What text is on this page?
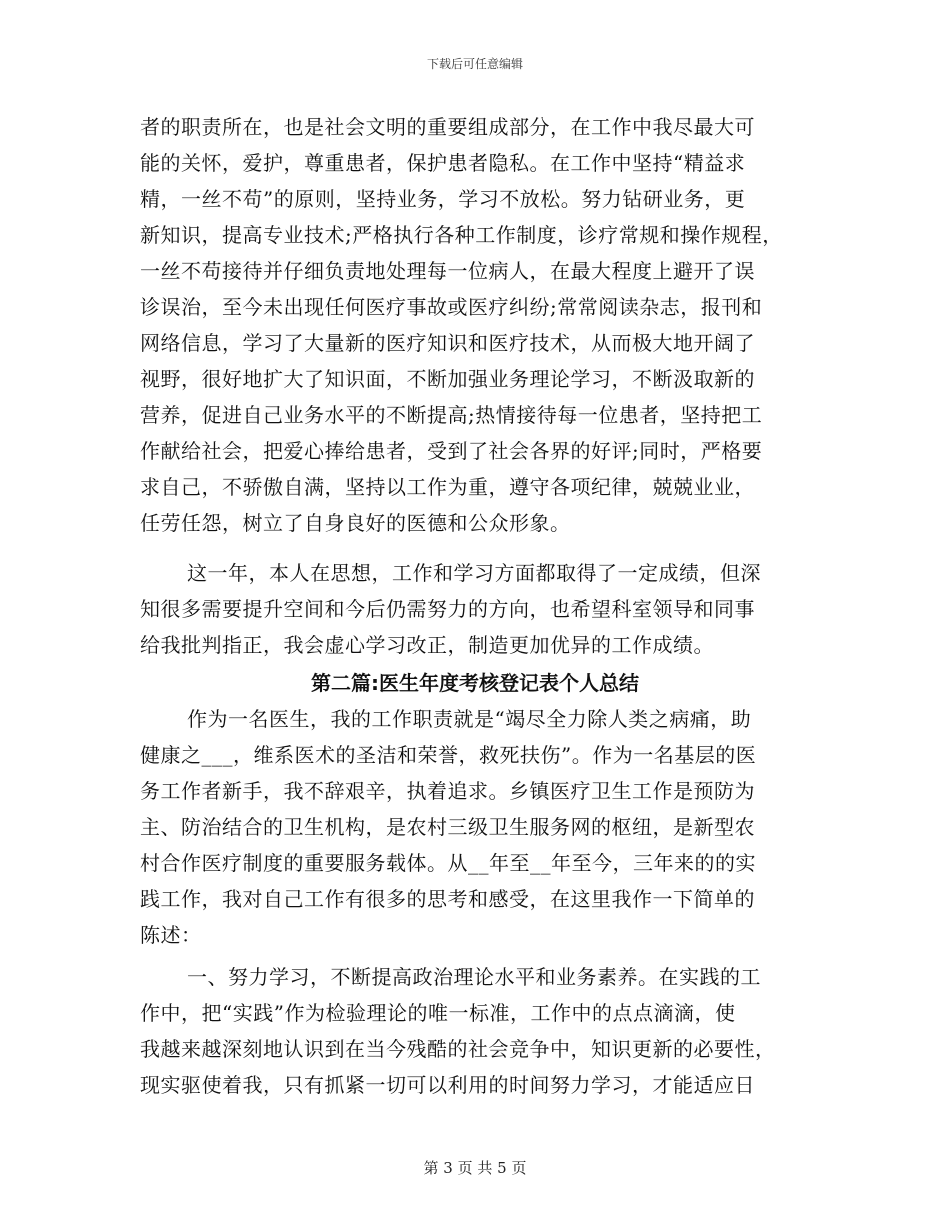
下载后可任意编辑
者的职责所在，也是社会文明的重要组成部分，在工作中我尽最大可
能的关怀，爱护，尊重患者，保护患者隐私。在工作中坚持“精益求
精，一丝不苟”的原则，坚持业务，学习不放松。努力钻研业务，更
新知识，提高专业技术;严格执行各种工作制度，诊疗常规和操作规程，
一丝不苟接待并仔细负责地处理每一位病人，在最大程度上避开了误
诊误治，至今未出现任何医疗事故或医疗纠纷;常常阅读杂志，报刊和
网络信息，学习了大量新的医疗知识和医疗技术，从而极大地开阔了
视野，很好地扩大了知识面，不断加强业务理论学习，不断汲取新的
营养，促进自己业务水平的不断提高;热情接待每一位患者，坚持把工
作献给社会，把爱心捧给患者，受到了社会各界的好评;同时，严格要
求自己，不骄傲自满，坚持以工作为重，遵守各项纪律，兢兢业业，
任劳任怨，树立了自身良好的医德和公众形象。
这一年，本人在思想，工作和学习方面都取得了一定成绩，但深
知很多需要提升空间和今后仍需努力的方向，也希望科室领导和同事
给我批判指正，我会虚心学习改正，制造更加优异的工作成绩。
第二篇:医生年度考核登记表个人总结
作为一名医生，我的工作职责就是“竭尽全力除人类之病痛，助
健康之___，维系医术的圣洁和荣誉，救死扶伤”。作为一名基层的医
务工作者新手，我不辞艰辛，执着追求。乡镇医疗卫生工作是预防为
主、防治结合的卫生机构，是农村三级卫生服务网的枢纽，是新型农
村合作医疗制度的重要服务载体。从__年至__年至今，三年来的的实
践工作，我对自己工作有很多的思考和感受，在这里我作一下简单的
陈述：
一、努力学习，不断提高政治理论水平和业务素养。在实践的工
作中，把“实践”作为检验理论的唯一标准，工作中的点点滴滴，使
我越来越深刻地认识到在当今残酷的社会竞争中，知识更新的必要性，
现实驱使着我，只有抓紧一切可以利用的时间努力学习，才能适应日
第 3 页 共 5 页
